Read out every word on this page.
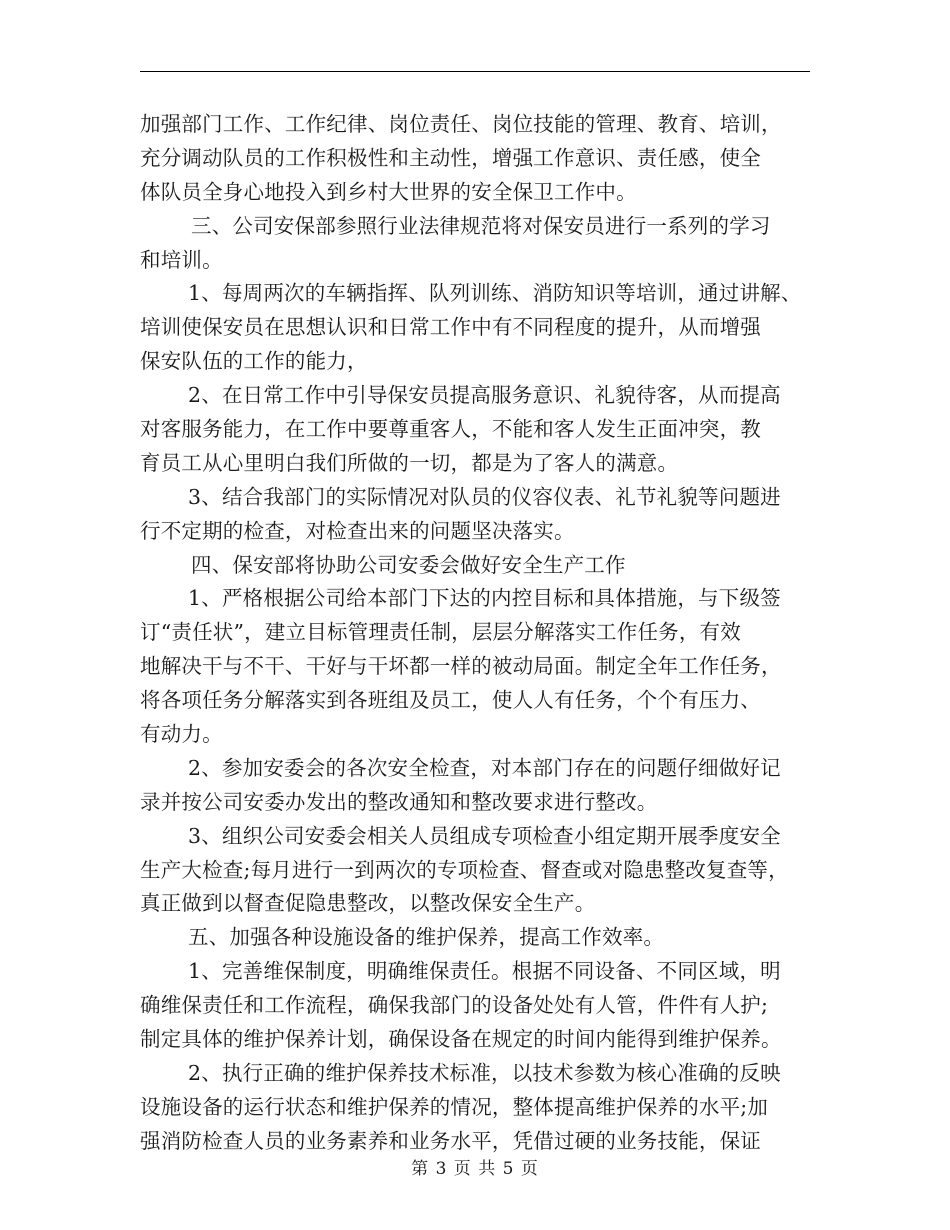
加强部门工作、工作纪律、岗位责任、岗位技能的管理、教育、培训，
充分调动队员的工作积极性和主动性，增强工作意识、责任感，使全
体队员全身心地投入到乡村大世界的安全保卫工作中。
三、公司安保部参照行业法律规范将对保安员进行一系列的学习
和培训。
1、每周两次的车辆指挥、队列训练、消防知识等培训，通过讲解、
培训使保安员在思想认识和日常工作中有不同程度的提升，从而增强
保安队伍的工作的能力，
2、在日常工作中引导保安员提高服务意识、礼貌待客，从而提高
对客服务能力，在工作中要尊重客人，不能和客人发生正面冲突，教
育员工从心里明白我们所做的一切，都是为了客人的满意。
3、结合我部门的实际情况对队员的仪容仪表、礼节礼貌等问题进
行不定期的检查，对检查出来的问题坚决落实。
四、保安部将协助公司安委会做好安全生产工作
1、严格根据公司给本部门下达的内控目标和具体措施，与下级签
订“责任状”，建立目标管理责任制，层层分解落实工作任务，有效
地解决干与不干、干好与干坏都一样的被动局面。制定全年工作任务，
将各项任务分解落实到各班组及员工，使人人有任务，个个有压力、
有动力。
2、参加安委会的各次安全检查，对本部门存在的问题仔细做好记
录并按公司安委办发出的整改通知和整改要求进行整改。
3、组织公司安委会相关人员组成专项检查小组定期开展季度安全
生产大检查;每月进行一到两次的专项检查、督查或对隐患整改复查等，
真正做到以督查促隐患整改，以整改保安全生产。
五、加强各种设施设备的维护保养，提高工作效率。
1、完善维保制度，明确维保责任。根据不同设备、不同区域，明
确维保责任和工作流程，确保我部门的设备处处有人管，件件有人护;
制定具体的维护保养计划，确保设备在规定的时间内能得到维护保养。
2、执行正确的维护保养技术标准，以技术参数为核心准确的反映
设施设备的运行状态和维护保养的情况，整体提高维护保养的水平;加
强消防检查人员的业务素养和业务水平，凭借过硬的业务技能，保证
第 3 页 共 5 页
